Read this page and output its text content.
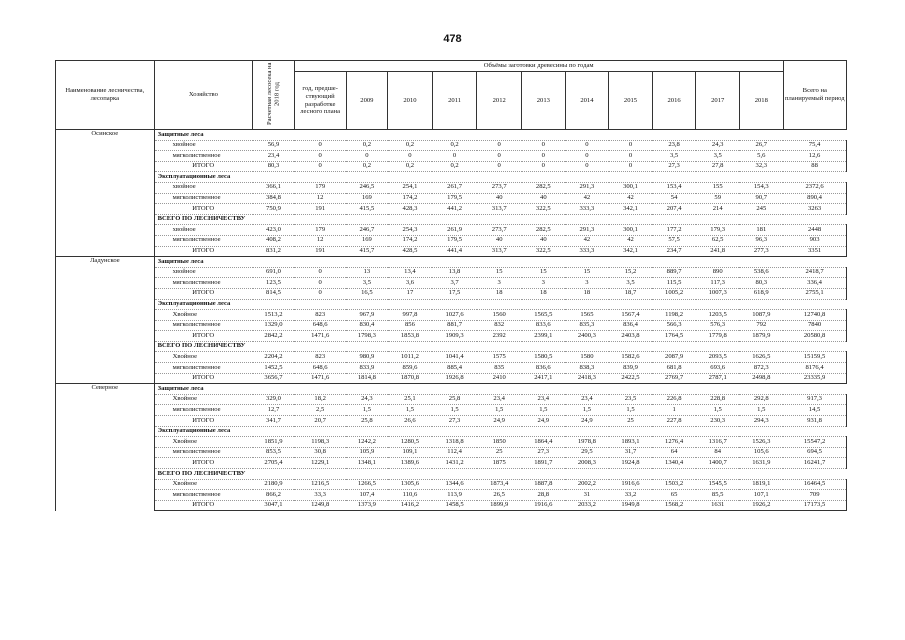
478
Наименование лесничества, лесопарка	Хозяйство	Расчетная лесосека на 2018 год	Объёмы заготовки древесины по годам											Всего на планируемый период
			год, предше-ствующий разработке лесного плана	2009	2010	2011	2012	2013	2014	2015	2016	2017	2018	
Осинское	Защитные леса													
	хвойное	56,9	0	0,2	0,2	0,2	0	0	0	0	23,8	24,3	26,7	75,4
	мягколиственное	23,4	0	0	0	0	0	0	0	0	3,5	3,5	5,6	12,6
	ИТОГО	80,3	0	0,2	0,2	0,2	0	0	0	0	27,3	27,8	32,3	88
	Эксплуатационные леса													
	хвойное	366,1	179	246,5	254,1	261,7	273,7	282,5	291,3	300,1	153,4	155	154,3	2372,6
	мягколиственное	384,8	12	169	174,2	179,5	40	40	42	42	54	59	90,7	890,4
	ИТОГО	750,9	191	415,5	428,3	441,2	313,7	322,5	333,3	342,1	207,4	214	245	3263
	ВСЕГО ПО ЛЕСНИЧЕСТВУ													
	хвойное	423,0	179	246,7	254,3	261,9	273,7	282,5	291,3	300,1	177,2	179,3	181	2448
	мягколиственное	408,2	12	169	174,2	179,5	40	40	42	42	57,5	62,5	96,3	903
	ИТОГО	831,2	191	415,7	428,5	441,4	313,7	322,5	333,3	342,1	234,7	241,8	277,3	3351
Ладунское	Защитные леса													
	хвойное	691,0	0	13	13,4	13,8	15	15	15	15,2	889,7	890	538,6	2418,7
	мягколиственное	123,5	0	3,5	3,6	3,7	3	3	3	3,5	115,5	117,3	80,3	336,4
	ИТОГО	814,5	0	16,5	17	17,5	18	18	18	18,7	1005,2	1007,3	618,9	2755,1
	Эксплуатационные леса													
	Хвойное	1513,2	823	967,9	997,8	1027,6	1560	1565,5	1565	1567,4	1198,2	1203,5	1087,9	12740,8
	мягколиственное	1329,0	648,6	830,4	856	881,7	832	833,6	835,3	836,4	566,3	576,3	792	7840
	ИТОГО	2842,2	1471,6	1798,3	1853,8	1909,3	2392	2399,1	2400,3	2403,8	1764,5	1779,8	1879,9	20580,8
	ВСЕГО ПО ЛЕСНИЧЕСТВУ													
	Хвойное	2204,2	823	980,9	1011,2	1041,4	1575	1580,5	1580	1582,6	2087,9	2093,5	1626,5	15159,5
	мягколиственное	1452,5	648,6	833,9	859,6	885,4	835	836,6	838,3	839,9	681,8	693,6	872,3	8176,4
	ИТОГО	3656,7	1471,6	1814,8	1870,8	1926,8	2410	2417,1	2418,3	2422,5	2769,7	2787,1	2498,8	23335,9
Северное	Защитные леса													
	Хвойное	329,0	18,2	24,3	25,1	25,8	23,4	23,4	23,4	23,5	226,8	228,8	292,8	917,3
	мягколиственное	12,7	2,5	1,5	1,5	1,5	1,5	1,5	1,5	1,5	1	1,5	1,5	14,5
	ИТОГО	341,7	20,7	25,8	26,6	27,3	24,9	24,9	24,9	25	227,8	230,3	294,3	931,8
	Эксплуатационные леса													
	Хвойное	1851,9	1198,3	1242,2	1280,5	1318,8	1850	1864,4	1978,8	1893,1	1276,4	1316,7	1526,3	15547,2
	мягколиственное	853,5	30,8	105,9	109,1	112,4	25	27,3	29,5	31,7	64	84	105,6	694,5
	ИТОГО	2705,4	1229,1	1348,1	1389,6	1431,2	1875	1891,7	2008,3	1924,8	1340,4	1400,7	1631,9	16241,7
	ВСЕГО ПО ЛЕСНИЧЕСТВУ													
	Хвойное	2180,9	1216,5	1266,5	1305,6	1344,6	1873,4	1887,8	2002,2	1916,6	1503,2	1545,5	1819,1	16464,5
	мягколиственное	866,2	33,3	107,4	110,6	113,9	26,5	28,8	31	33,2	65	85,5	107,1	709
	ИТОГО	3047,1	1249,8	1373,9	1416,2	1458,5	1899,9	1916,6	2033,2	1949,8	1568,2	1631	1926,2	17173,5
